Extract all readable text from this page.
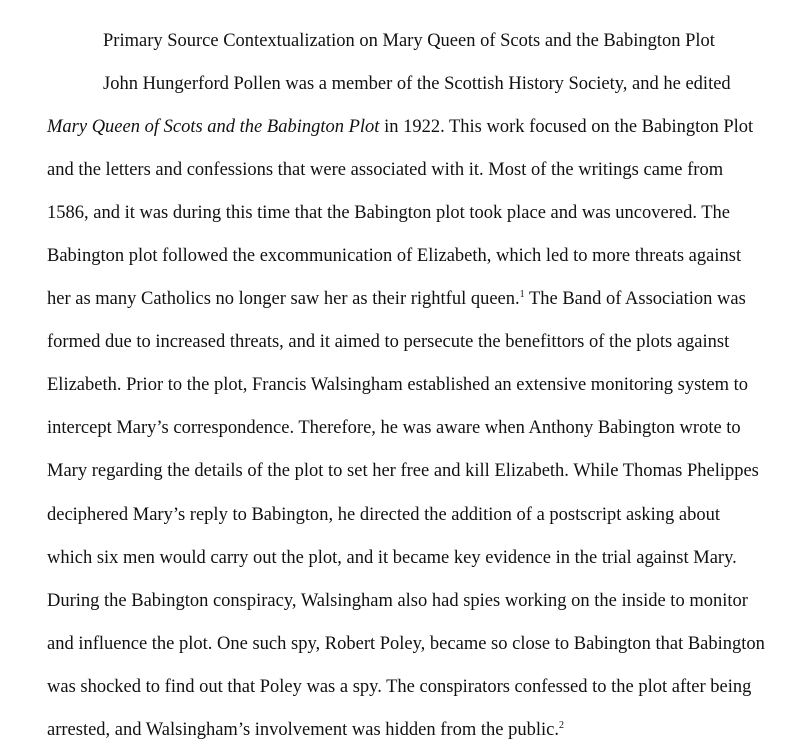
Primary Source Contextualization on Mary Queen of Scots and the Babington Plot
John Hungerford Pollen was a member of the Scottish History Society, and he edited
Mary Queen of Scots and the Babington Plot in 1922. This work focused on the Babington Plot
and the letters and confessions that were associated with it. Most of the writings came from
1586, and it was during this time that the Babington plot took place and was uncovered. The
Babington plot followed the excommunication of Elizabeth, which led to more threats against
her as many Catholics no longer saw her as their rightful queen.$^1$ The Band of Association was
formed due to increased threats, and it aimed to persecute the benefittors of the plots against
Elizabeth. Prior to the plot, Francis Walsingham established an extensive monitoring system to
intercept Mary’s correspondence. Therefore, he was aware when Anthony Babington wrote to
Mary regarding the details of the plot to set her free and kill Elizabeth. While Thomas Phelippes
deciphered Mary’s reply to Babington, he directed the addition of a postscript asking about
which six men would carry out the plot, and it became key evidence in the trial against Mary.
During the Babington conspiracy, Walsingham also had spies working on the inside to monitor
and influence the plot. One such spy, Robert Poley, became so close to Babington that Babington
was shocked to find out that Poley was a spy. The conspirators confessed to the plot after being
arrested, and Walsingham’s involvement was hidden from the public.$^2$
